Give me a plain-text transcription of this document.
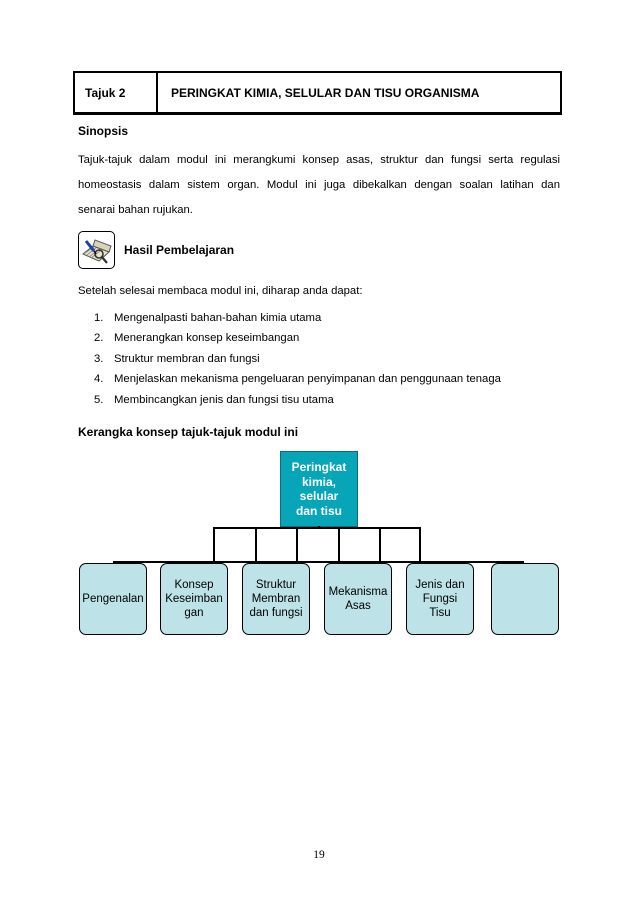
Tajuk 2	PERINGKAT KIMIA, SELULAR DAN TISU ORGANISMA
Sinopsis
Tajuk-tajuk dalam modul ini merangkumi konsep asas, struktur dan fungsi serta regulasi
homeostasis dalam sistem organ. Modul ini juga dibekalkan dengan soalan latihan dan
senarai bahan rujukan.
Hasil Pembelajaran
Setelah selesai membaca modul ini, diharap anda dapat:
1. Mengenalpasti bahan-bahan kimia utama
2. Menerangkan konsep keseimbangan
3. Struktur membran dan fungsi
4. Menjelaskan mekanisma pengeluaran penyimpanan dan penggunaan tenaga
5. Membincangkan jenis dan fungsi tisu utama
Kerangka konsep tajuk-tajuk modul ini
Peringkat
kimia,
selular
dan tisu
Pengenalan
Konsep
Keseimban
gan
Struktur
Membran
dan fungsi
Mekanisma
Asas
Jenis dan
Fungsi
Tisu
19
